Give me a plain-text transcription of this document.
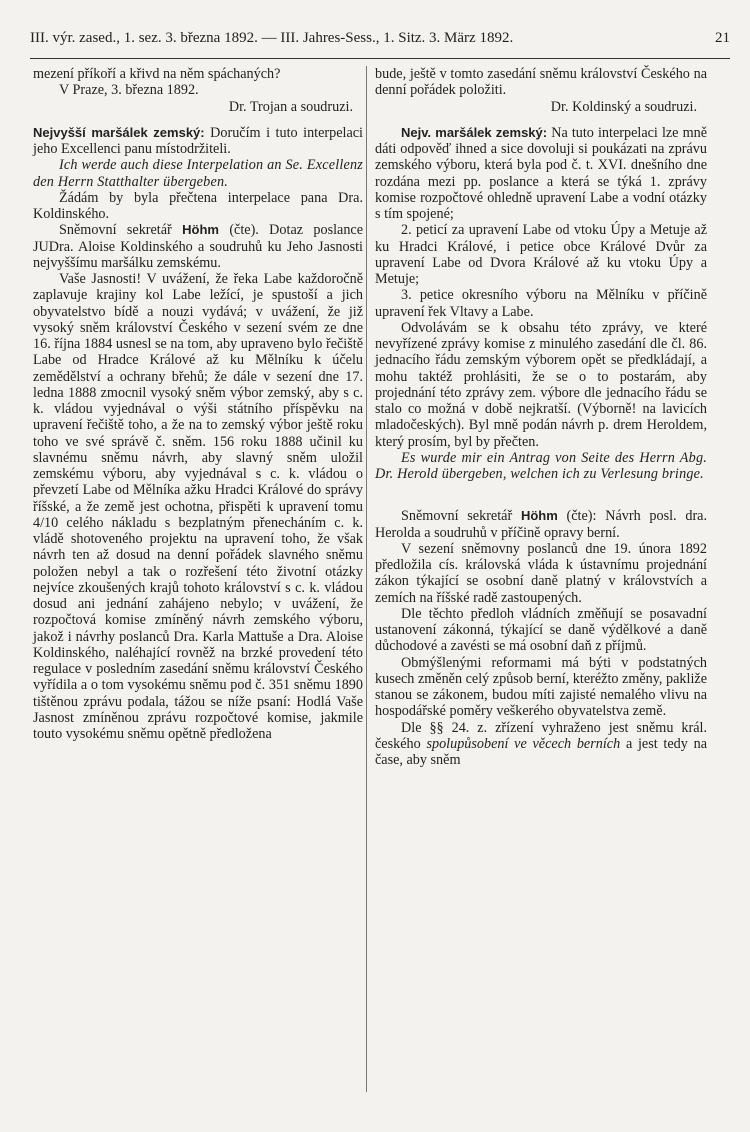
III. výr. zased., 1. sez. 3. března 1892. — III. Jahres-Sess., 1. Sitz. 3. März 1892.	21

mezení příkoří a křivd na něm spáchaných?

V Praze, 3. března 1892.

Dr. Trojan a soudruzi.

Nejvyšší maršálek zemský: Doručím i tuto interpelaci jeho Excellenci panu místodržiteli.

Ich werde auch diese Interpelation an Se. Excellenz den Herrn Statthalter übergeben.

Žádám by byla přečtena interpelace pana Dra. Koldinského.

Sněmovní sekretář Höhm (čte). Dotaz poslance JUDra. Aloise Koldinského a soudruhů ku Jeho Jasnosti nejvyššímu maršálku zemskému.

Vaše Jasnosti! V uvážení, že řeka Labe každoročně zaplavuje krajiny kol Labe ležící, je spustoší a jich obyvatelstvo bídě a nouzi vydává; v uvážení, že již vysoký sněm království Českého v sezení svém ze dne 16. října 1884 usnesl se na tom, aby upraveno bylo řečiště Labe od Hradce Králové až ku Mělníku k účelu zemědělství a ochrany břehů; že dále v sezení dne 17. ledna 1888 zmocnil vysoký sněm výbor zemský, aby s c. k. vládou vyjednával o výši státního příspěvku na upravení řečiště toho, a že na to zemský výbor ještě roku toho ve své správě č. sněm. 156 roku 1888 učinil ku slavnému sněmu návrh, aby slavný sněm uložil zemskému výboru, aby vyjednával s c. k. vládou o převzetí Labe od Mělníka ažku Hradci Králové do správy říšské, a že země jest ochotna, přispěti k upravení tomu 4/10 celého nákladu s bezplatným přenecháním c. k. vládě shotoveného projektu na upravení toho, že však návrh ten až dosud na denní pořádek slavného sněmu položen nebyl a tak o rozřešení této životní otázky nejvíce zkoušených krajů tohoto království s c. k. vládou dosud ani jednání zahájeno nebylo; v uvážení, že rozpočtová komise zmíněný návrh zemského výboru, jakož i návrhy poslanců Dra. Karla Mattuše a Dra. Aloise Koldinského, naléhající rovněž na brzké provedení této regulace v posledním zasedání sněmu království Českého vyřídila a o tom vysokému sněmu pod č. 351 sněmu 1890 tištěnou zprávu podala, tážou se níže psaní: Hodlá Vaše Jasnost zmíněnou zprávu rozpočtové komise, jakmile touto vysokému sněmu opětně předložena

bude, ještě v tomto zasedání sněmu království Českého na denní pořádek položiti.

Dr. Koldinský a soudruzi.

Nejv. maršálek zemský: Na tuto interpelaci lze mně dáti odpověď ihned a sice dovoluji si poukázati na zprávu zemského výboru, která byla pod č. t. XVI. dnešního dne rozdána mezi pp. poslance a která se týká 1. zprávy komise rozpočtové ohledně upravení Labe a vodní otázky s tím spojené;

2. peticí za upravení Labe od vtoku Úpy a Metuje až ku Hradci Králové, i petice obce Králové Dvůr za upravení Labe od Dvora Králové až ku vtoku Úpy a Metuje;

3. petice okresního výboru na Mělníku v příčině upravení řek Vltavy a Labe.

Odvolávám se k obsahu této zprávy, ve které nevyřízené zprávy komise z minulého zasedání dle čl. 86. jednacího řádu zemským výborem opět se předkládají, a mohu taktéž prohlásiti, že se o to postarám, aby projednání této zprávy zem. výbore dle jednacího řádu se stalo co možná v době nejkratší. (Výborně! na lavicích mladočeských). Byl mně podán návrh p. drem Heroldem, který prosím, byl by přečten.

Es wurde mir ein Antrag von Seite des Herrn Abg. Dr. Herold übergeben, welchen ich zu Verlesung bringe.

Sněmovní sekretář Höhm (čte): Návrh posl. dra. Herolda a soudruhů v příčině opravy berní.

V sezení sněmovny poslanců dne 19. února 1892 předložila cís. královská vláda k ústavnímu projednání zákon týkající se osobní daně platný v královstvích a zemích na říšské radě zastoupených.

Dle těchto předloh vládních změňují se posavadní ustanovení zákonná, týkající se daně výdělkové a daně důchodové a zavésti se má osobní daň z příjmů.

Obmýšlenými reformami má býti v podstatných kusech změněn celý způsob berní, kteréžto změny, pakliže stanou se zákonem, budou míti zajisté nemalého vlivu na hospodářské poměry veškerého obyvatelstva země.

Dle §§ 24. z. zřízení vyhraženo jest sněmu král. českého spolupůsobení ve věcech berních a jest tedy na čase, aby sněm
